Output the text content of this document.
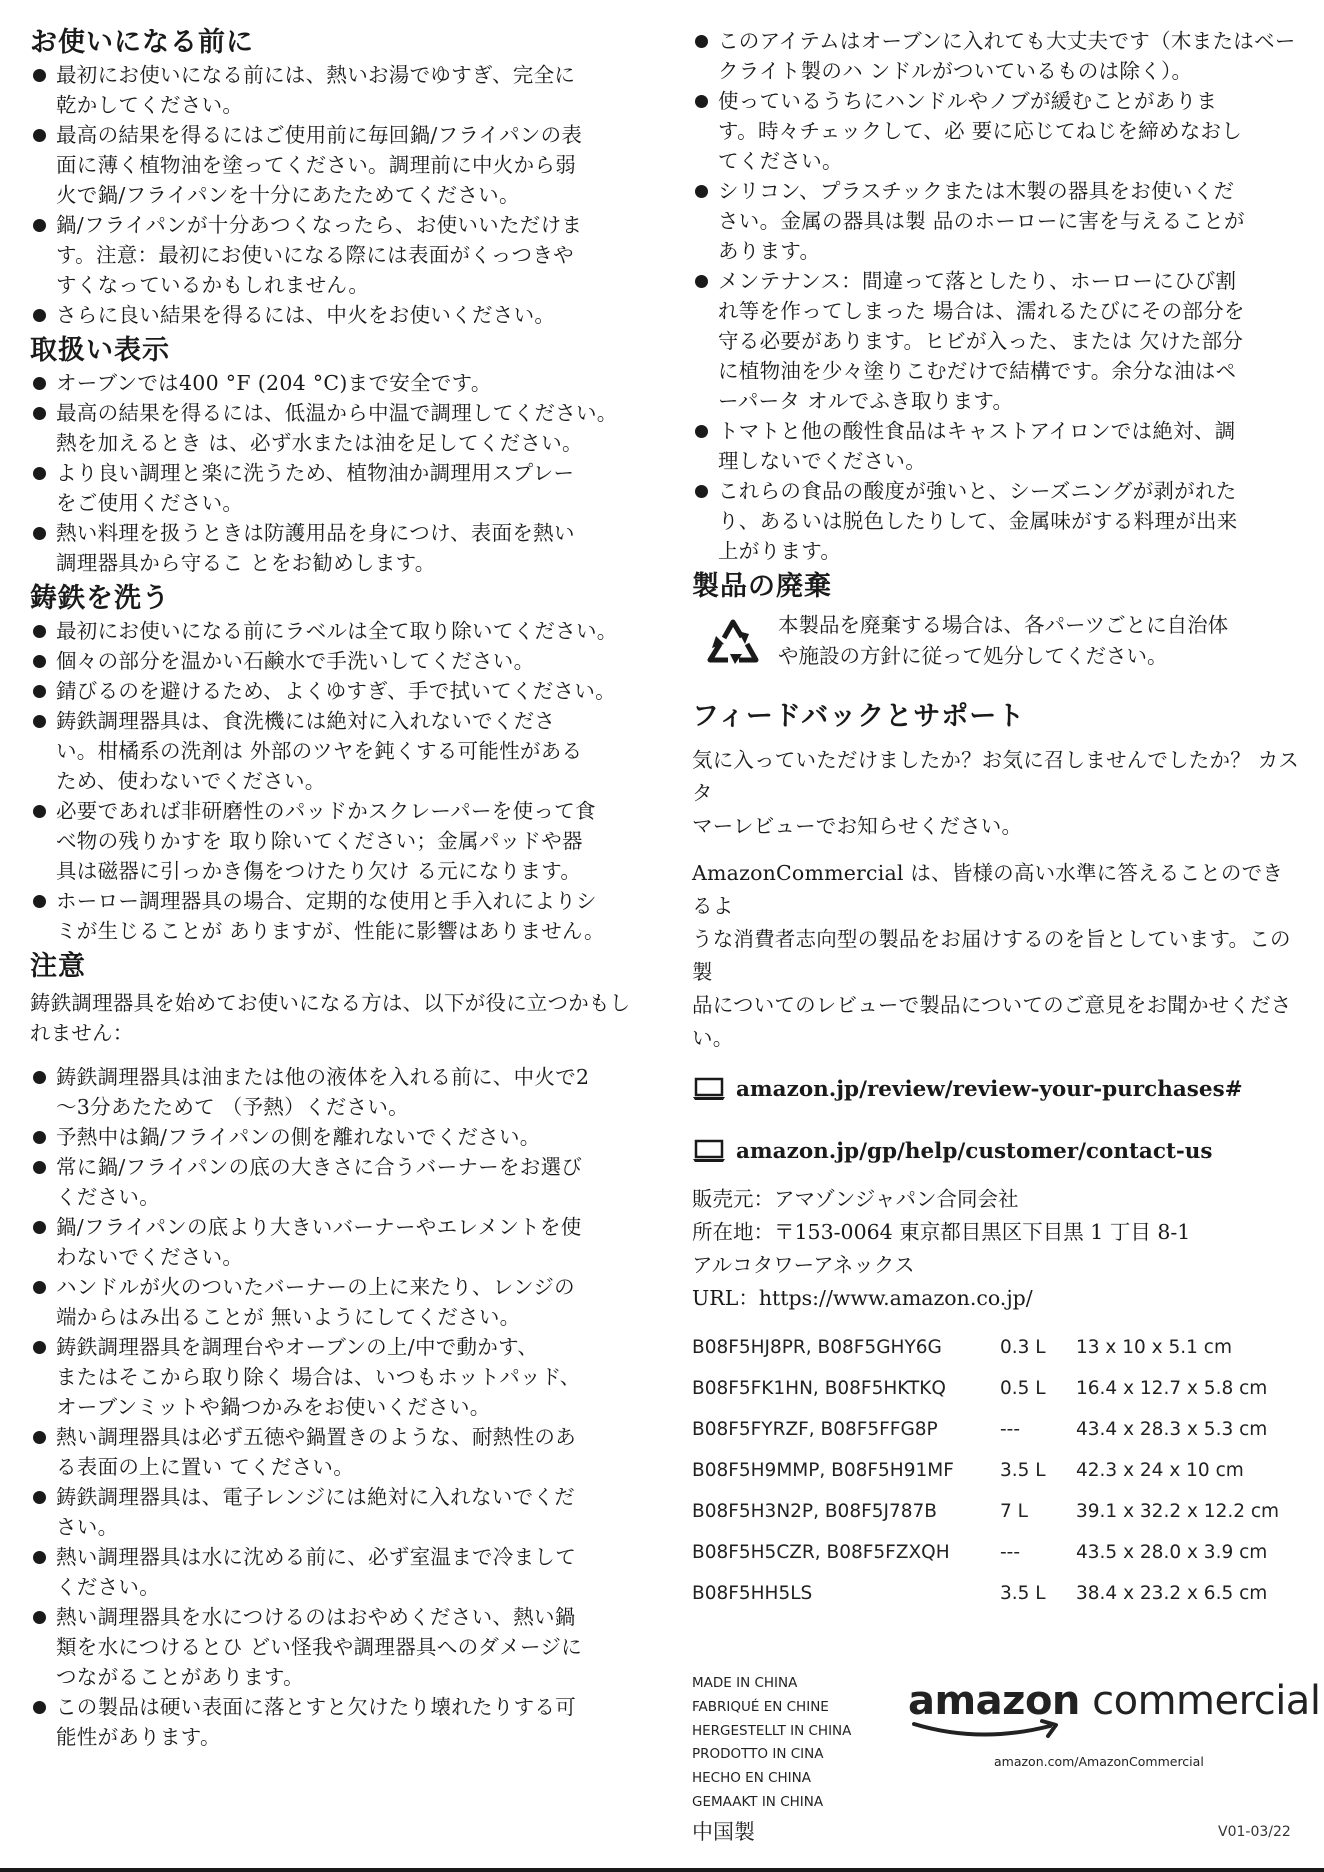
お使いになる前に
最初にお使いになる前には、熱いお湯でゆすぎ、完全に
乾かしてください。
最高の結果を得るにはご使用前に毎回鍋/フライパンの表
面に薄く植物油を塗ってください。調理前に中火から弱
火で鍋/フライパンを十分にあたためてください。
鍋/フライパンが十分あつくなったら、お使いいただけま
す。注意：最初にお使いになる際には表面がくっつきや
すくなっているかもしれません。
さらに良い結果を得るには、中火をお使いください。
取扱い表示
オーブンでは400 °F (204 °C)まで安全です。
最高の結果を得るには、低温から中温で調理してください。
熱を加えるとき は、必ず水または油を足してください。
より良い調理と楽に洗うため、植物油か調理用スプレー
をご使用ください。
熱い料理を扱うときは防護用品を身につけ、表面を熱い
調理器具から守るこ とをお勧めします。
鋳鉄を洗う
最初にお使いになる前にラベルは全て取り除いてください。
個々の部分を温かい石鹸水で手洗いしてください。
錆びるのを避けるため、よくゆすぎ、手で拭いてください。
鋳鉄調理器具は、食洗機には絶対に入れないでくださ
い。柑橘系の洗剤は 外部のツヤを鈍くする可能性がある
ため、使わないでください。
必要であれば非研磨性のパッドかスクレーパーを使って食
べ物の残りかすを 取り除いてください；金属パッドや器
具は磁器に引っかき傷をつけたり欠け る元になります。
ホーロー調理器具の場合、定期的な使用と手入れによりシ
ミが生じることが ありますが、性能に影響はありません。
注意

鋳鉄調理器具を始めてお使いになる方は、以下が役に立つかもし
れません：

鋳鉄調理器具は油または他の液体を入れる前に、中火で2
〜3分あたためて （予熱）ください。
予熱中は鍋/フライパンの側を離れないでください。
常に鍋/フライパンの底の大きさに合うバーナーをお選び
ください。
鍋/フライパンの底より大きいバーナーやエレメントを使
わないでください。
ハンドルが火のついたバーナーの上に来たり、レンジの
端からはみ出ることが 無いようにしてください。
鋳鉄調理器具を調理台やオーブンの上/中で動かす、
またはそこから取り除く 場合は、いつもホットパッド、
オーブンミットや鍋つかみをお使いください。
熱い調理器具は必ず五徳や鍋置きのような、耐熱性のあ
る表面の上に置い てください。
鋳鉄調理器具は、電子レンジには絶対に入れないでくだ
さい。
熱い調理器具は水に沈める前に、必ず室温まで冷まして
ください。
熱い調理器具を水につけるのはおやめください、熱い鍋
類を水につけるとひ どい怪我や調理器具へのダメージに
つながることがあります。
この製品は硬い表面に落とすと欠けたり壊れたりする可
能性があります。
このアイテムはオーブンに入れても大丈夫です（木またはベー
クライト製のハ ンドルがついているものは除く）。
使っているうちにハンドルやノブが緩むことがありま
す。時々チェックして、必 要に応じてねじを締めなおし
てください。
シリコン、プラスチックまたは木製の器具をお使いくだ
さい。金属の器具は製 品のホーローに害を与えることが
あります。
メンテナンス：間違って落としたり、ホーローにひび割
れ等を作ってしまった 場合は、濡れるたびにその部分を
守る必要があります。ヒビが入った、または 欠けた部分
に植物油を少々塗りこむだけで結構です。余分な油はペ
ーパータ オルでふき取ります。
トマトと他の酸性食品はキャストアイロンでは絶対、調
理しないでください。
これらの食品の酸度が強いと、シーズニングが剥がれた
り、あるいは脱色したりして、金属味がする料理が出来
上がります。
製品の廃棄
本製品を廃棄する場合は、各パーツごとに自治体
や施設の方針に従って処分してください。
フィードバックとサポート

気に入っていただけましたか？お気に召しませんでしたか？ カスタ
マーレビューでお知らせください。

AmazonCommercial は、皆様の高い水準に答えることのできるよ
うな消費者志向型の製品をお届けするのを旨としています。この製
品についてのレビューで製品についてのご意見をお聞かせください。

amazon.jp/review/review-your-purchases#
amazon.jp/gp/help/customer/contact-us
販売元：アマゾンジャパン合同会社
所在地：〒153-0064 東京都目黒区下目黒 1 丁目 8-1
アルコタワーアネックス
URL：https://www.amazon.co.jp/
B08F5HJ8PR, B08F5GHY6G	0.3 L	13 x 10 x 5.1 cm
B08F5FK1HN, B08F5HKTKQ	0.5 L	16.4 x 12.7 x 5.8 cm
B08F5FYRZF, B08F5FFG8P	---	43.4 x 28.3 x 5.3 cm
B08F5H9MMP, B08F5H91MF	3.5 L	42.3 x 24 x 10 cm
B08F5H3N2P, B08F5J787B	7 L	39.1 x 32.2 x 12.2 cm
B08F5H5CZR, B08F5FZXQH	---	43.5 x 28.0 x 3.9 cm
B08F5HH5LS	3.5 L	38.4 x 23.2 x 6.5 cm
MADE IN CHINA
FABRIQUÉ EN CHINE
HERGESTELLT IN CHINA
PRODOTTO IN CINA
HECHO EN CHINA
GEMAAKT IN CHINA
中国製
amazon commercial
amazon.com/AmazonCommercial
V01-03/22
